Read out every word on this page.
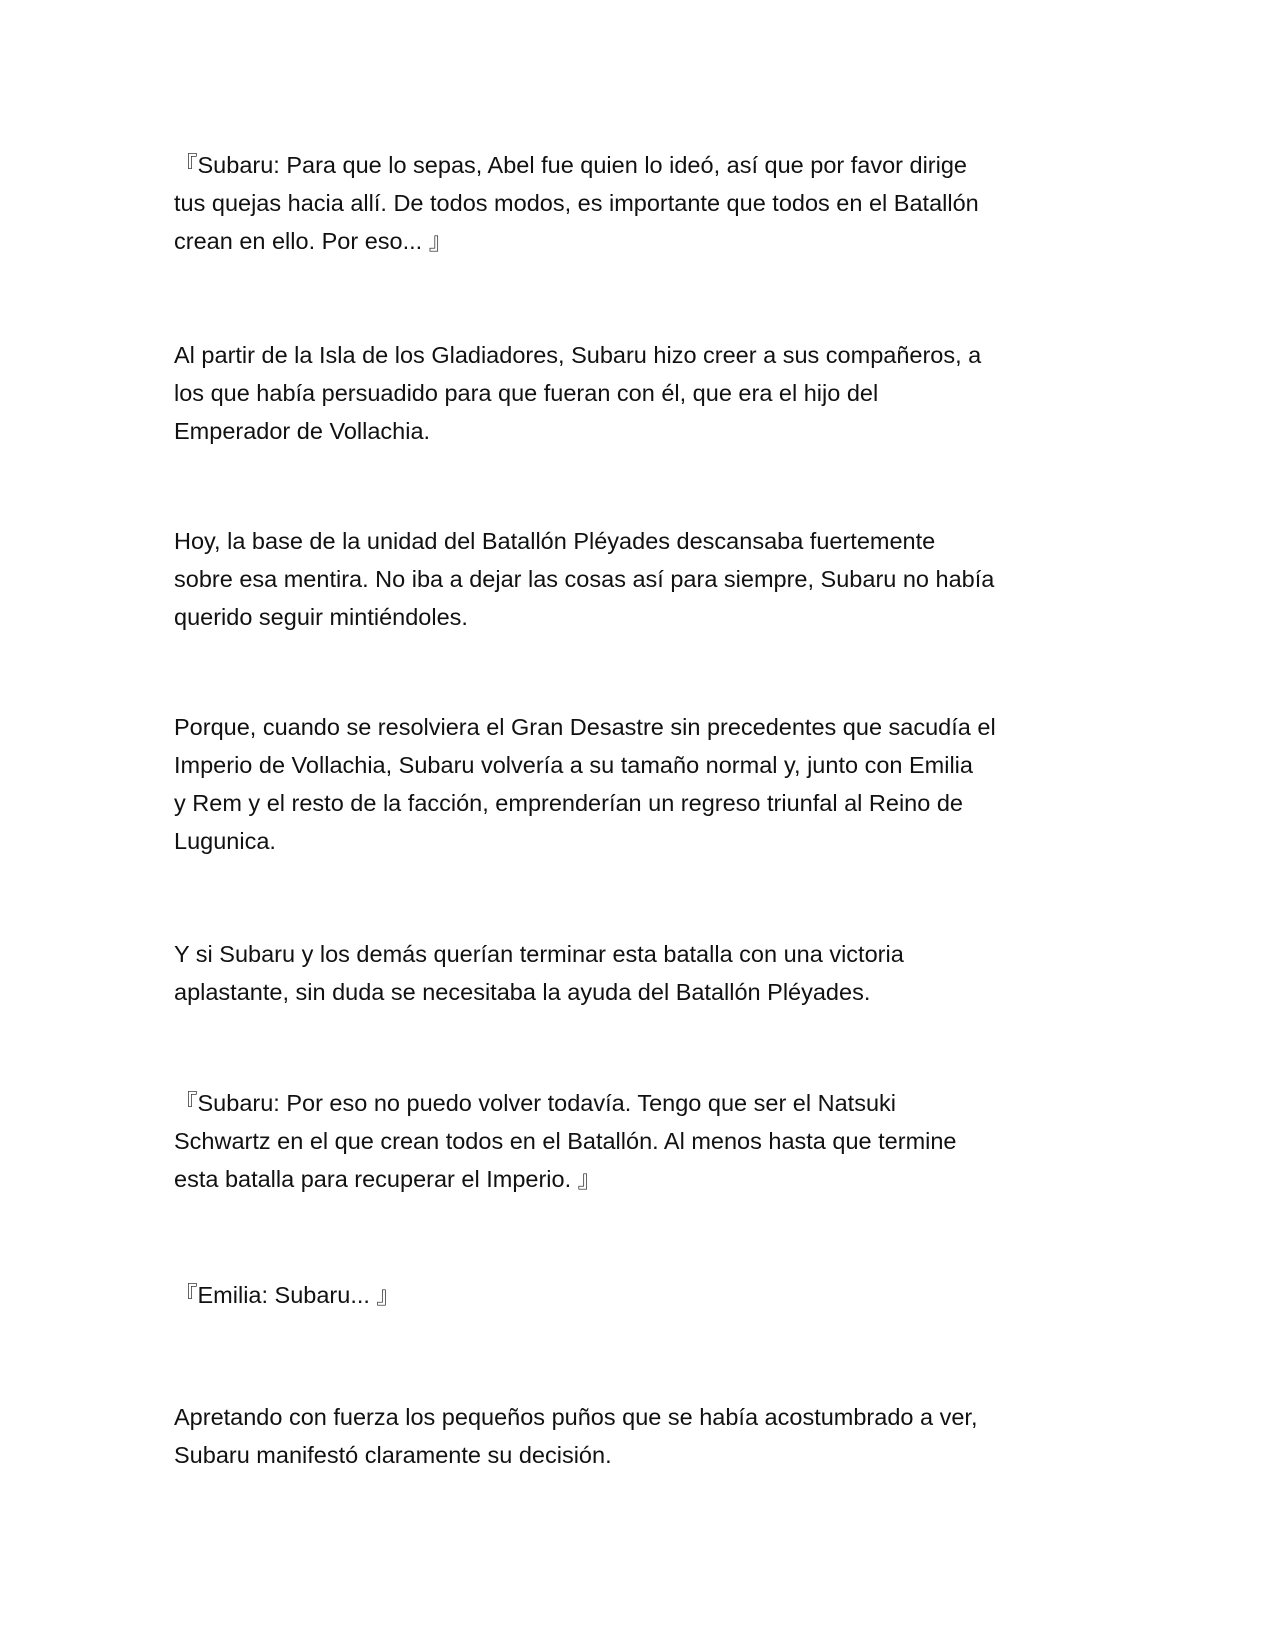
『Subaru: Para que lo sepas, Abel fue quien lo ideó, así que por favor dirige
tus quejas hacia allí. De todos modos, es importante que todos en el Batallón
crean en ello. Por eso... 』

Al partir de la Isla de los Gladiadores, Subaru hizo creer a sus compañeros, a
los que había persuadido para que fueran con él, que era el hijo del
Emperador de Vollachia.

Hoy, la base de la unidad del Batallón Pléyades descansaba fuertemente
sobre esa mentira. No iba a dejar las cosas así para siempre, Subaru no había
querido seguir mintiéndoles.

Porque, cuando se resolviera el Gran Desastre sin precedentes que sacudía el
Imperio de Vollachia, Subaru volvería a su tamaño normal y, junto con Emilia
y Rem y el resto de la facción, emprenderían un regreso triunfal al Reino de
Lugunica.

Y si Subaru y los demás querían terminar esta batalla con una victoria
aplastante, sin duda se necesitaba la ayuda del Batallón Pléyades.

『Subaru: Por eso no puedo volver todavía. Tengo que ser el Natsuki
Schwartz en el que crean todos en el Batallón. Al menos hasta que termine
esta batalla para recuperar el Imperio. 』

『Emilia: Subaru... 』

Apretando con fuerza los pequeños puños que se había acostumbrado a ver,
Subaru manifestó claramente su decisión.
